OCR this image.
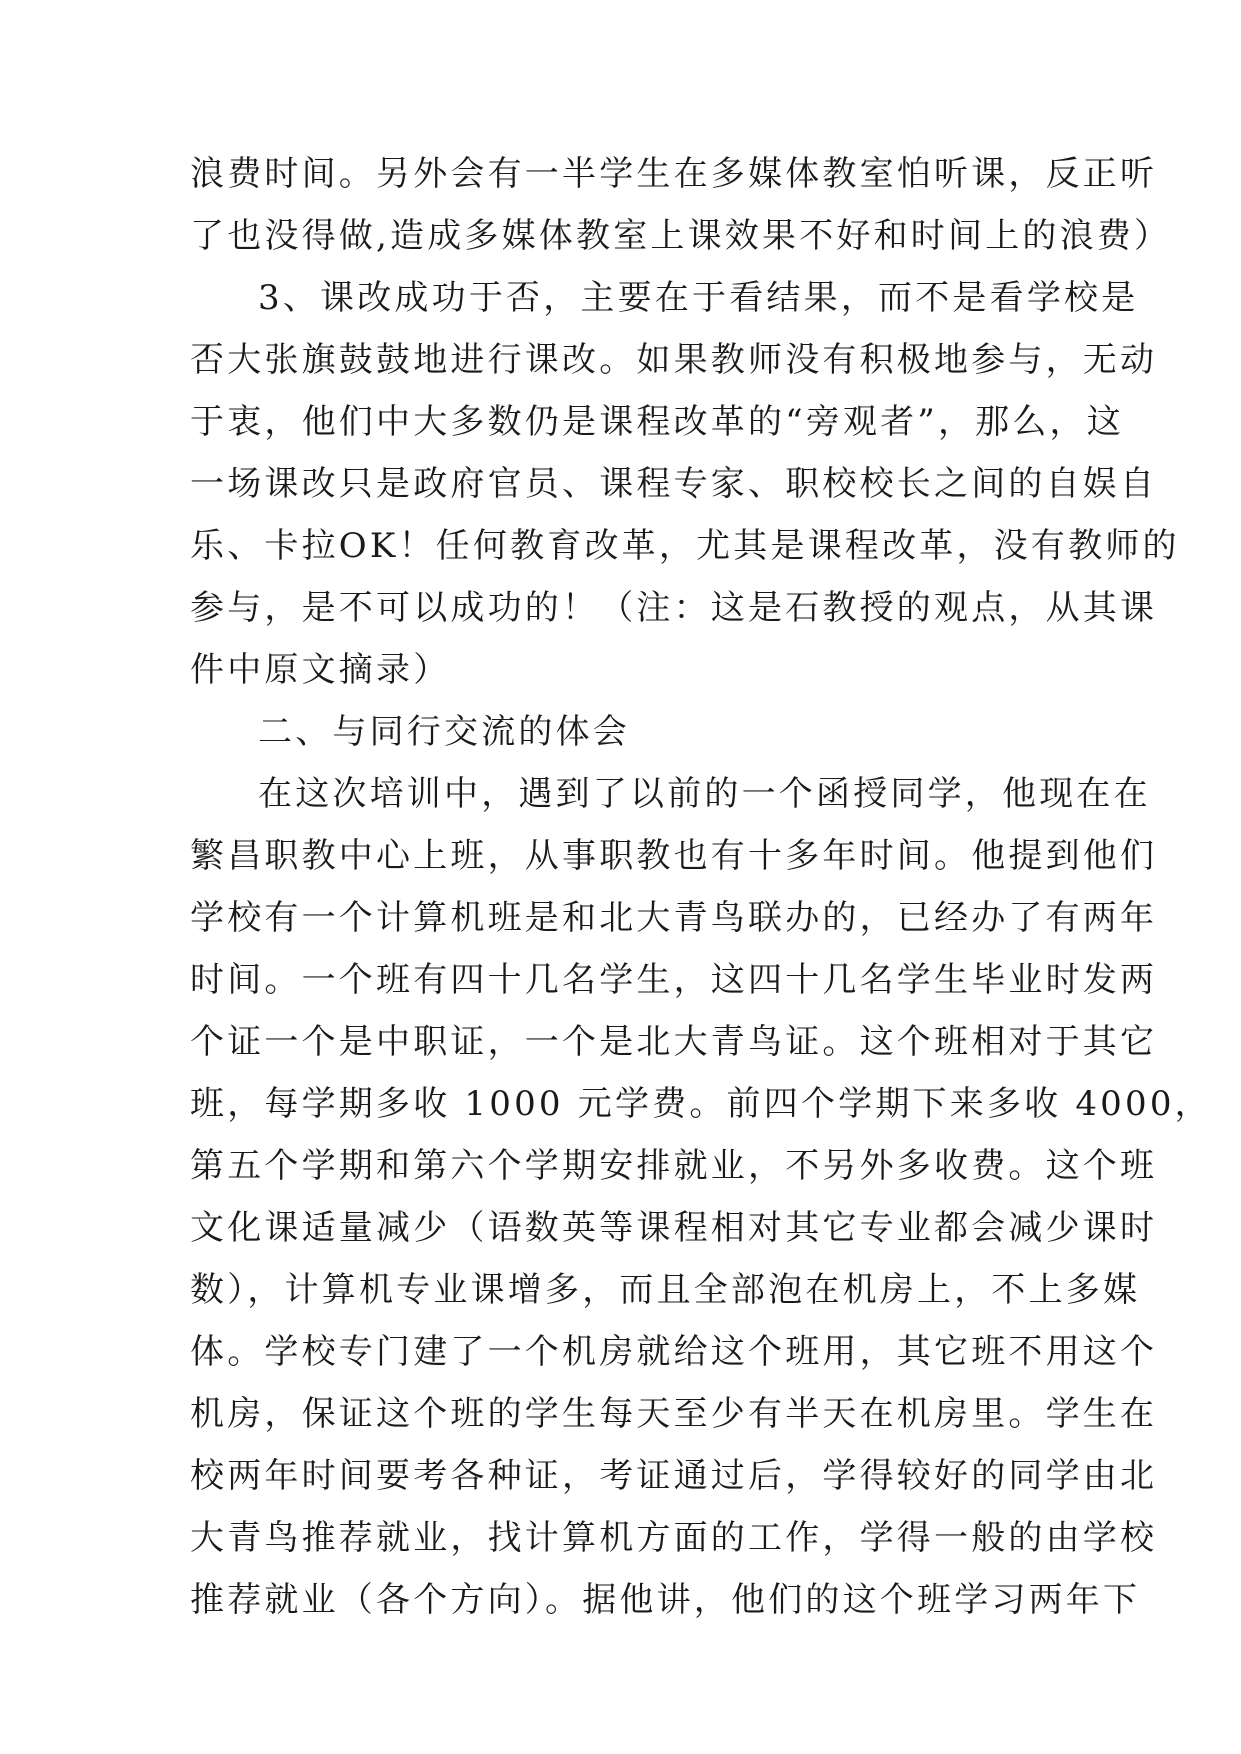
浪费时间。另外会有一半学生在多媒体教室怕听课，反正听
了也没得做,造成多媒体教室上课效果不好和时间上的浪费）
3、课改成功于否，主要在于看结果，而不是看学校是
否大张旗鼓鼓地进行课改。如果教师没有积极地参与，无动
于衷，他们中大多数仍是课程改革的“旁观者”，那么，这
一场课改只是政府官员、课程专家、职校校长之间的自娱自
乐、卡拉OK！任何教育改革，尤其是课程改革，没有教师的
参与，是不可以成功的！（注：这是石教授的观点，从其课
件中原文摘录）
二、与同行交流的体会
在这次培训中，遇到了以前的一个函授同学，他现在在
繁昌职教中心上班，从事职教也有十多年时间。他提到他们
学校有一个计算机班是和北大青鸟联办的，已经办了有两年
时间。一个班有四十几名学生，这四十几名学生毕业时发两
个证一个是中职证，一个是北大青鸟证。这个班相对于其它
班，每学期多收 1000 元学费。前四个学期下来多收 4000，
第五个学期和第六个学期安排就业，不另外多收费。这个班
文化课适量减少（语数英等课程相对其它专业都会减少课时
数），计算机专业课增多，而且全部泡在机房上，不上多媒
体。学校专门建了一个机房就给这个班用，其它班不用这个
机房，保证这个班的学生每天至少有半天在机房里。学生在
校两年时间要考各种证，考证通过后，学得较好的同学由北
大青鸟推荐就业，找计算机方面的工作，学得一般的由学校
推荐就业（各个方向）。据他讲，他们的这个班学习两年下
